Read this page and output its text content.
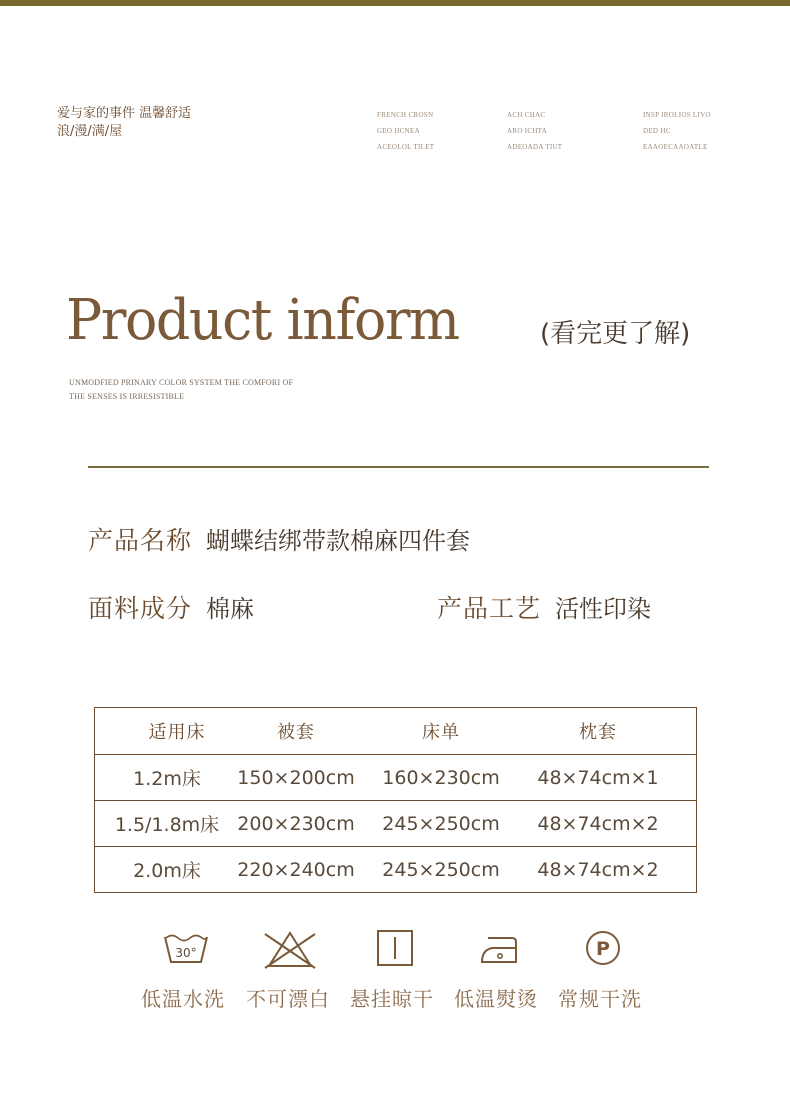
爱与家的事件 温馨舒适
浪/漫/满/屋
FRENCH CROSN
GEO HCNEA
ACEOLOL TILET
ACH CHAC
ARO ICHTA
ADEOADA TIUT
INSP IROLIOS LIVO
DED HC
EAAOECAAOATLE
Product inform	(看完更了解)
UNMODFIED PRINARY COLOR SYSTEM THE COMFORI OF
THE SENSES IS IRRESISTIBLE
产品名称 蝴蝶结绑带款棉麻四件套
面料成分 棉麻	产品工艺 活性印染
适用床	被套	床单	枕套
1.2m床 150×200cm 160×230cm 48×74cm×1
1.5/1.8m床 200×230cm 245×250cm 48×74cm×2
2.0m床 220×240cm 245×250cm 48×74cm×2
30°	P
低温水洗 不可漂白 悬挂晾干 低温熨烫 常规干洗
